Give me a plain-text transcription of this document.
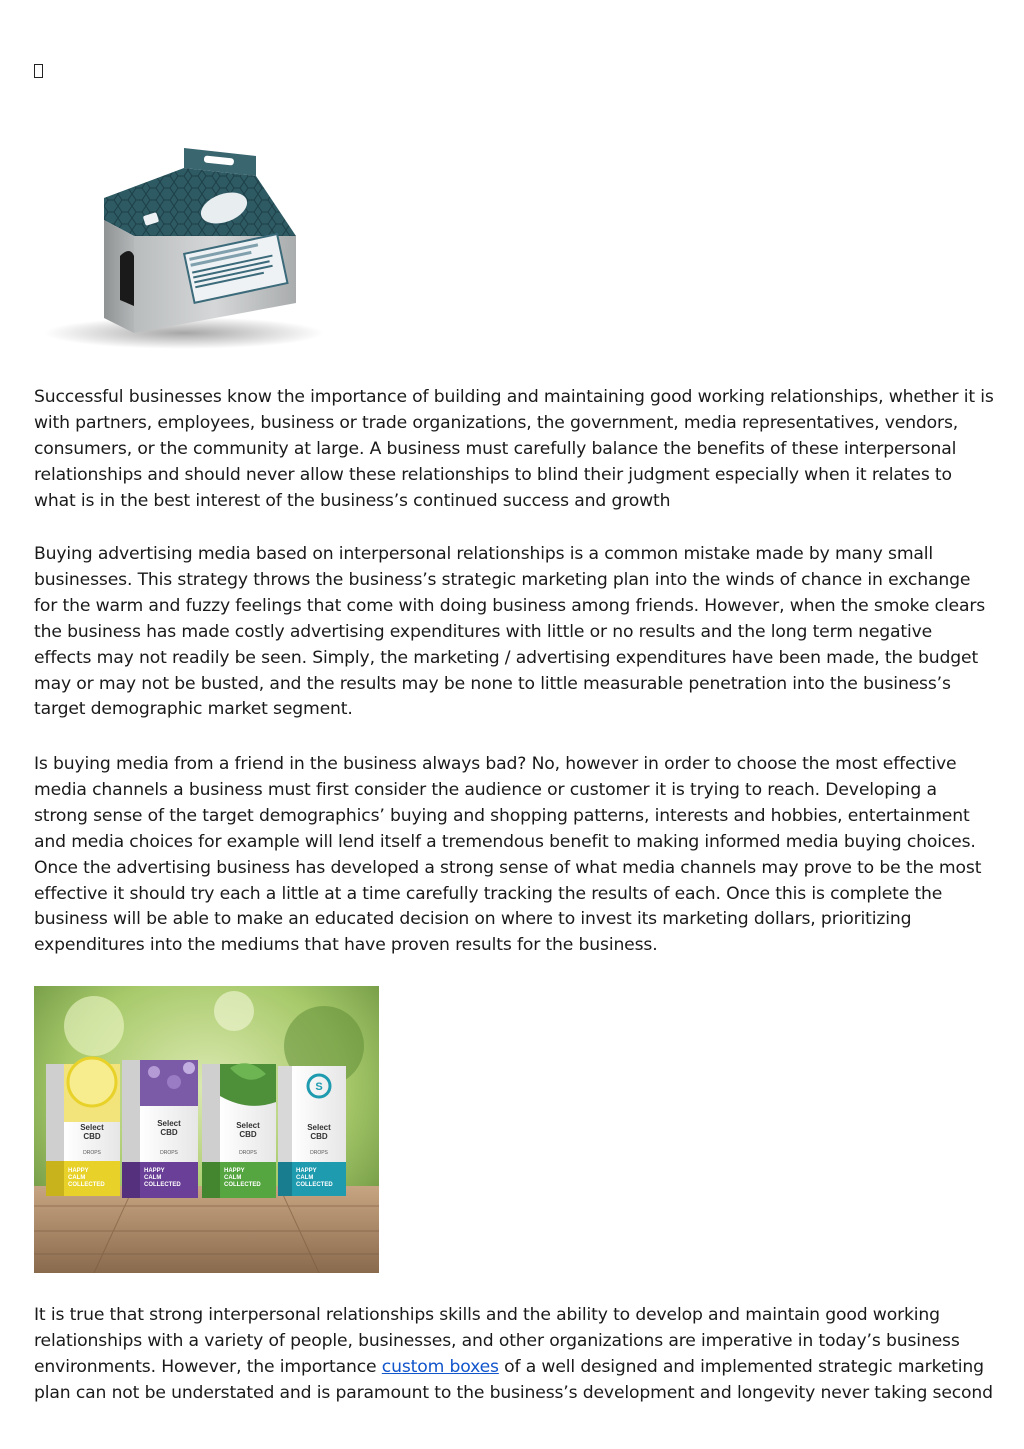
Successful businesses know the importance of building and maintaining good working relationships, whether it is with partners, employees, business or trade organizations, the government, media representatives, vendors, consumers, or the community at large. A business must carefully balance the benefits of these interpersonal relationships and should never allow these relationships to blind their judgment especially when it relates to what is in the best interest of the business’s continued success and growth

Buying advertising media based on interpersonal relationships is a common mistake made by many small businesses. This strategy throws the business’s strategic marketing plan into the winds of chance in exchange for the warm and fuzzy feelings that come with doing business among friends. However, when the smoke clears the business has made costly advertising expenditures with little or no results and the long term negative effects may not readily be seen. Simply, the marketing / advertising expenditures have been made, the budget may or may not be busted, and the results may be none to little measurable penetration into the business’s target demographic market segment.

Is buying media from a friend in the business always bad? No, however in order to choose the most effective media channels a business must first consider the audience or customer it is trying to reach. Developing a strong sense of the target demographics’ buying and shopping patterns, interests and hobbies, entertainment and media choices for example will lend itself a tremendous benefit to making informed media buying choices. Once the advertising business has developed a strong sense of what media channels may prove to be the most effective it should try each a little at a time carefully tracking the results of each. Once this is complete the business will be able to make an educated decision on where to invest its marketing dollars, prioritizing expenditures into the mediums that have proven results for the business.

Select
CBD
Select
CBD
Select
CBD
S
Select
CBD
DROPS	DROPS	DROPS	DROPS
HAPPY
CALM
COLLECTED
HAPPY
CALM
COLLECTED
HAPPY
CALM
COLLECTED
HAPPY
CALM
COLLECTED

It is true that strong interpersonal relationships skills and the ability to develop and maintain good working relationships with a variety of people, businesses, and other organizations are imperative in today’s business environments. However, the importance custom boxes of a well designed and implemented strategic marketing plan can not be understated and is paramount to the business’s development and longevity never taking second
